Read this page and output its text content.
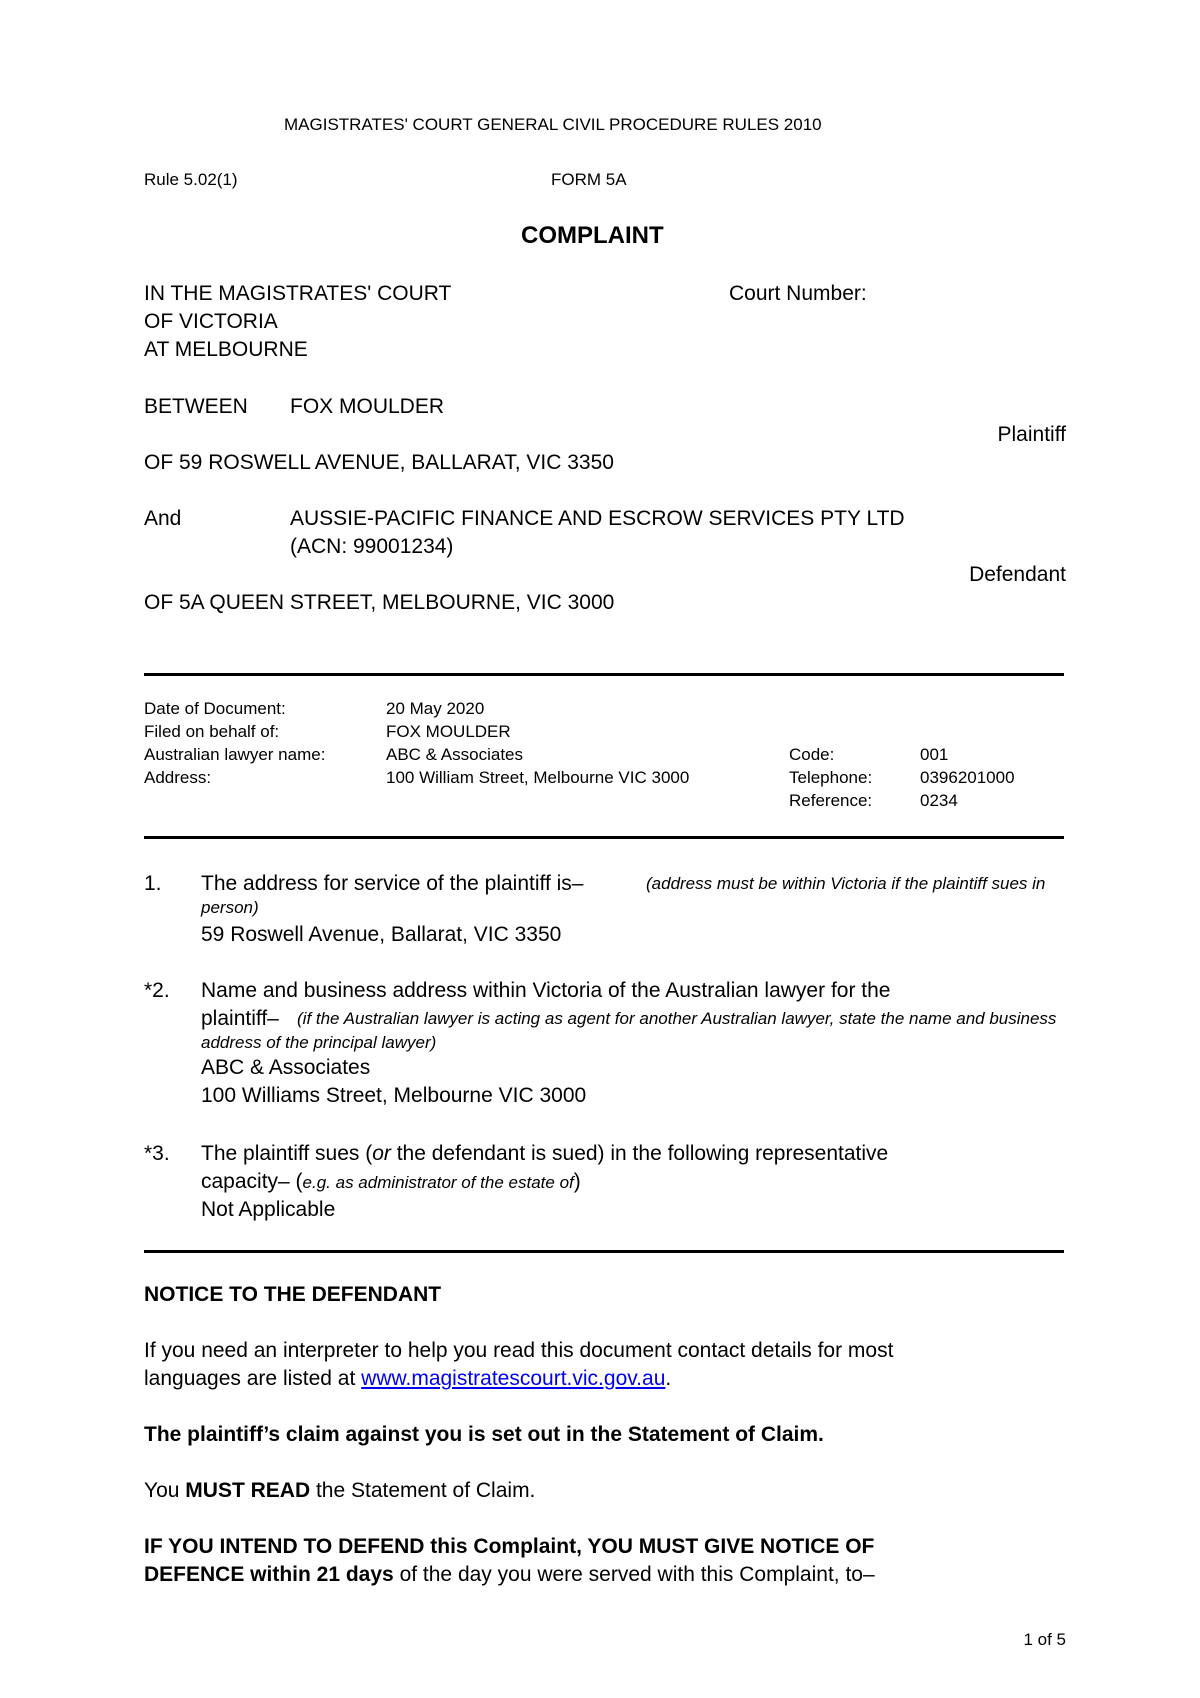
MAGISTRATES' COURT GENERAL CIVIL PROCEDURE RULES 2010
Rule 5.02(1)	FORM 5A
COMPLAINT
IN THE MAGISTRATES' COURT
OF VICTORIA
AT MELBOURNE
Court Number:
BETWEEN FOX MOULDER
Plaintiff
OF 59 ROSWELL AVENUE, BALLARAT, VIC 3350
And	AUSSIE-PACIFIC FINANCE AND ESCROW SERVICES PTY LTD
(ACN: 99001234)
Defendant
OF 5A QUEEN STREET, MELBOURNE, VIC 3000
Date of Document:	20 May 2020
Filed on behalf of:	FOX MOULDER
Australian lawyer name:	ABC & Associates
Address:	100 William Street, Melbourne VIC 3000
Code:	001
Telephone:	0396201000
Reference:	0234
1. The address for service of the plaintiff is–	(address must be within Victoria if the plaintiff sues in person)
59 Roswell Avenue, Ballarat, VIC 3350
*2. Name and business address within Victoria of the Australian lawyer for the
plaintiff–	(if the Australian lawyer is acting as agent for another Australian lawyer, state the name and business address of the principal lawyer)
ABC & Associates
100 Williams Street, Melbourne VIC 3000
*3. The plaintiff sues (or the defendant is sued) in the following representative
capacity– (e.g. as administrator of the estate of)
Not Applicable
NOTICE TO THE DEFENDANT
If you need an interpreter to help you read this document contact details for most
languages are listed at www.magistratescourt.vic.gov.au.
The plaintiff’s claim against you is set out in the Statement of Claim.
You MUST READ the Statement of Claim.
IF YOU INTEND TO DEFEND this Complaint, YOU MUST GIVE NOTICE OF
DEFENCE within 21 days of the day you were served with this Complaint, to–
1 of 5
